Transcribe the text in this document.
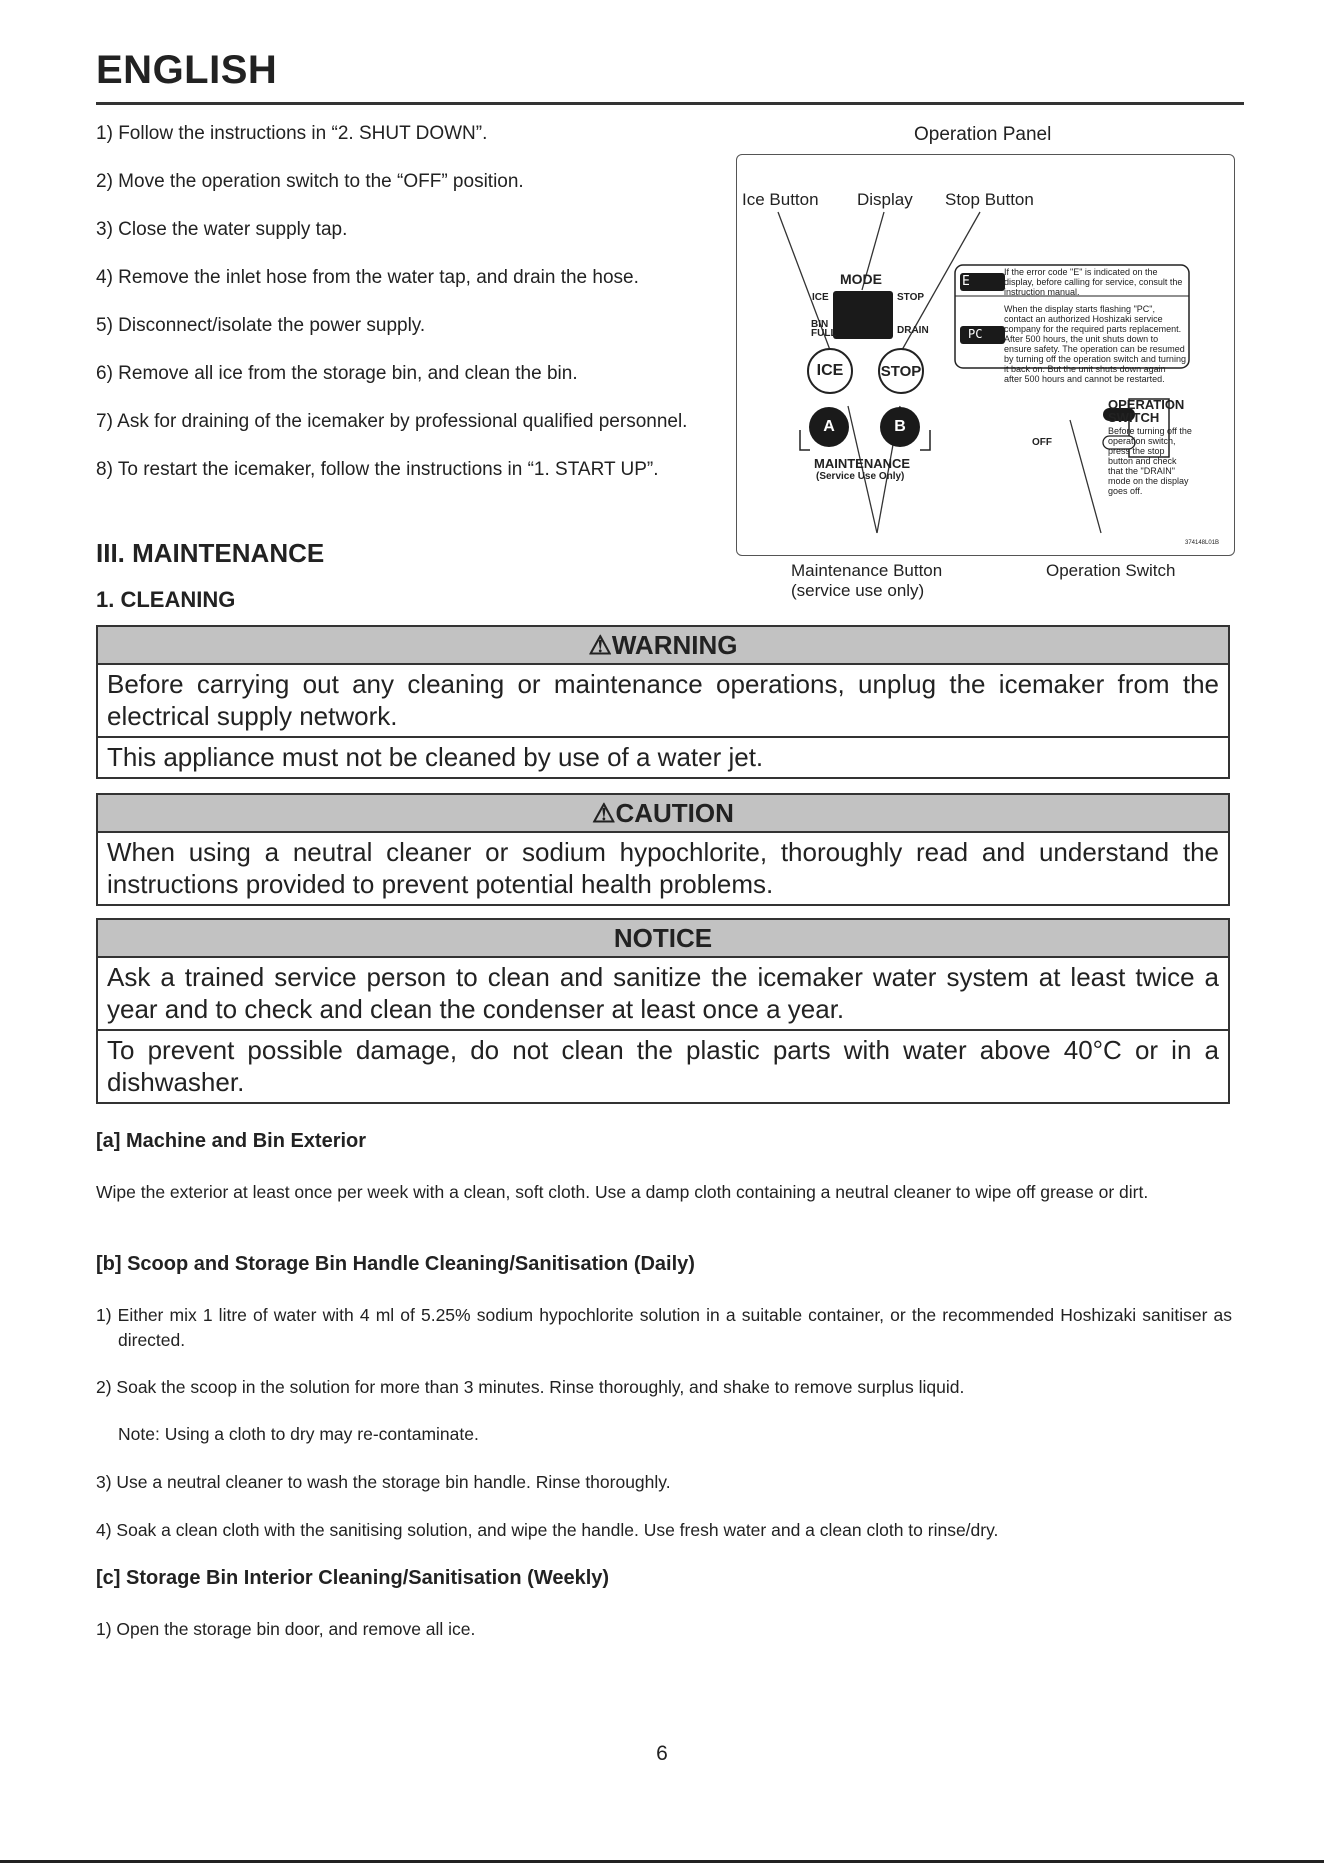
ENGLISH
1) Follow the instructions in “2. SHUT DOWN”.
2) Move the operation switch to the “OFF” position.
3) Close the water supply tap.
4) Remove the inlet hose from the water tap, and drain the hose.
5) Disconnect/isolate the power supply.
6) Remove all ice from the storage bin, and clean the bin.
7) Ask for draining of the icemaker by professional qualified personnel.
8) To restart the icemaker, follow the instructions in “1. START UP”.
III. MAINTENANCE
1. CLEANING
Operation Panel
Ice Button Display Stop Button
MODE
ICE	STOP
BIN
FULL	DRAIN
ICE STOP
A	B
MAINTENANCE
(Service Use Only)
E
If the error code "E" is indicated on the display, before calling for service, consult the instruction manual.
PC
When the display starts flashing "PC", contact an authorized Hoshizaki service company for the required parts replacement. After 500 hours, the unit shuts down to ensure safety. The operation can be resumed by turning off the operation switch and turning it back on. But the unit shuts down again after 500 hours and cannot be restarted.
ON
OFF
OPERATION
SWITCH
Before turning off the operation switch, press the stop button and check that the "DRAIN" mode on the display goes off.
374148L01B
Maintenance Button
(service use only)
Operation Switch
⚠WARNING
Before carrying out any cleaning or maintenance operations, unplug the icemaker from the electrical supply network.
This appliance must not be cleaned by use of a water jet.
⚠CAUTION
When using a neutral cleaner or sodium hypochlorite, thoroughly read and understand the instructions provided to prevent potential health problems.
NOTICE
Ask a trained service person to clean and sanitize the icemaker water system at least twice a year and to check and clean the condenser at least once a year.
To prevent possible damage, do not clean the plastic parts with water above 40°C or in a dishwasher.
[a] Machine and Bin Exterior
Wipe the exterior at least once per week with a clean, soft cloth. Use a damp cloth containing a neutral cleaner to wipe off grease or dirt.
[b] Scoop and Storage Bin Handle Cleaning/Sanitisation (Daily)
1) Either mix 1 litre of water with 4 ml of 5.25% sodium hypochlorite solution in a suitable container, or the recommended Hoshizaki sanitiser as directed.
2) Soak the scoop in the solution for more than 3 minutes. Rinse thoroughly, and shake to remove surplus liquid.
Note: Using a cloth to dry may re-contaminate.
3) Use a neutral cleaner to wash the storage bin handle. Rinse thoroughly.
4) Soak a clean cloth with the sanitising solution, and wipe the handle. Use fresh water and a clean cloth to rinse/dry.
[c] Storage Bin Interior Cleaning/Sanitisation (Weekly)
1) Open the storage bin door, and remove all ice.
6
